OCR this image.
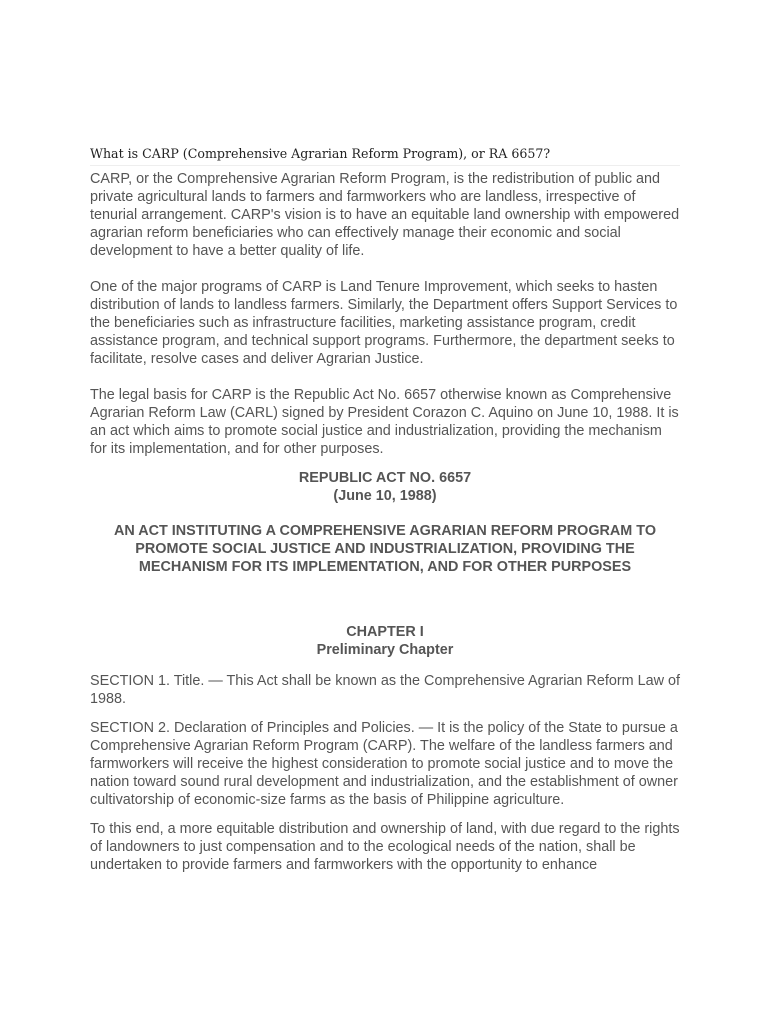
What is CARP (Comprehensive Agrarian Reform Program), or RA 6657?

CARP, or the Comprehensive Agrarian Reform Program, is the redistribution of public and private agricultural lands to farmers and farmworkers who are landless, irrespective of tenurial arrangement. CARP's vision is to have an equitable land ownership with empowered agrarian reform beneficiaries who can effectively manage their economic and social development to have a better quality of life.

One of the major programs of CARP is Land Tenure Improvement, which seeks to hasten distribution of lands to landless farmers. Similarly, the Department offers Support Services to the beneficiaries such as infrastructure facilities, marketing assistance program, credit assistance program, and technical support programs. Furthermore, the department seeks to facilitate, resolve cases and deliver Agrarian Justice.

The legal basis for CARP is the Republic Act No. 6657 otherwise known as Comprehensive Agrarian Reform Law (CARL) signed by President Corazon C. Aquino on June 10, 1988. It is an act which aims to promote social justice and industrialization, providing the mechanism for its implementation, and for other purposes.

REPUBLIC ACT NO. 6657

(June 10, 1988)

AN ACT INSTITUTING A COMPREHENSIVE AGRARIAN REFORM PROGRAM TO PROMOTE SOCIAL JUSTICE AND INDUSTRIALIZATION, PROVIDING THE MECHANISM FOR ITS IMPLEMENTATION, AND FOR OTHER PURPOSES

CHAPTER I

Preliminary Chapter

SECTION 1. Title. — This Act shall be known as the Comprehensive Agrarian Reform Law of 1988.

SECTION 2. Declaration of Principles and Policies. — It is the policy of the State to pursue a Comprehensive Agrarian Reform Program (CARP). The welfare of the landless farmers and farmworkers will receive the highest consideration to promote social justice and to move the nation toward sound rural development and industrialization, and the establishment of owner cultivatorship of economic-size farms as the basis of Philippine agriculture.

To this end, a more equitable distribution and ownership of land, with due regard to the rights of landowners to just compensation and to the ecological needs of the nation, shall be undertaken to provide farmers and farmworkers with the opportunity to enhance
